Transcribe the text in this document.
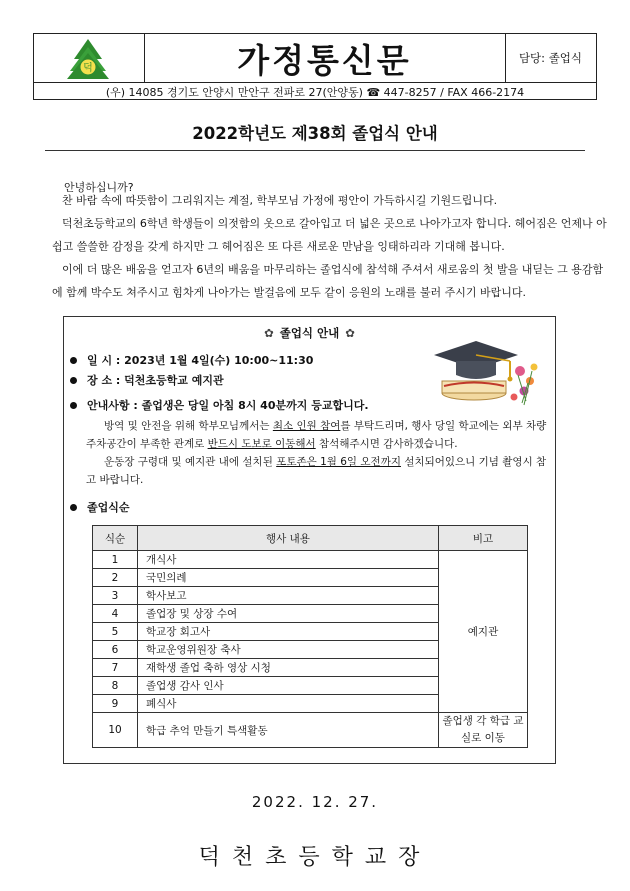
덕	가정통신문	담당: 졸업식
(우) 14085 경기도 안양시 만안구 전파로 27(안양동) ☎ 447-8257 / FAX 466-2174
2022학년도 제38회 졸업식 안내
안녕하십니까?
찬 바람 속에 따뜻함이 그리워지는 계절, 학부모님 가정에 평안이 가득하시길 기원드립니다.
덕천초등학교의 6학년 학생들이 의젓함의 옷으로 갈아입고 더 넓은 곳으로 나아가고자 합니다. 헤어짐은 언제나 아쉽고 쓸쓸한 감정을 갖게 하지만 그 헤어짐은 또 다른 새로운 만남을 잉태하리라 기대해 봅니다.
이에 더 많은 배움을 얻고자 6년의 배움을 마무리하는 졸업식에 참석해 주셔서 새로움의 첫 발을 내딛는 그 용감함에 함께 박수도 쳐주시고 힘차게 나아가는 발걸음에 모두 같이 응원의 노래를 불러 주시기 바랍니다.
✿ 졸업식 안내 ✿
일 시 : 2023년 1월 4일(수) 10:00~11:30
장 소 : 덕천초등학교 예지관
안내사항 : 졸업생은 당일 아침 8시 40분까지 등교합니다.
방역 및 안전을 위해 학부모님께서는 최소 인원 참여를 부탁드리며, 행사 당일 학교에는 외부 차량 주차공간이 부족한 관계로 반드시 도보로 이동해서 참석해주시면 감사하겠습니다.
운동장 구령대 및 예지관 내에 설치된 포토존은 1월 6일 오전까지 설치되어있으니 기념 촬영시 참고 바랍니다.
졸업식순
식순	행사 내용	비고
1	개식사	예지관
2	국민의례	
3	학사보고	
4	졸업장 및 상장 수여	
5	학교장 회고사	
6	학교운영위원장 축사	
7	재학생 졸업 축하 영상 시청	
8	졸업생 감사 인사	
9	폐식사	
10	학급 추억 만들기 특색활동	졸업생 각 학급 교실로 이동
2022. 12. 27.
덕천초등학교장
